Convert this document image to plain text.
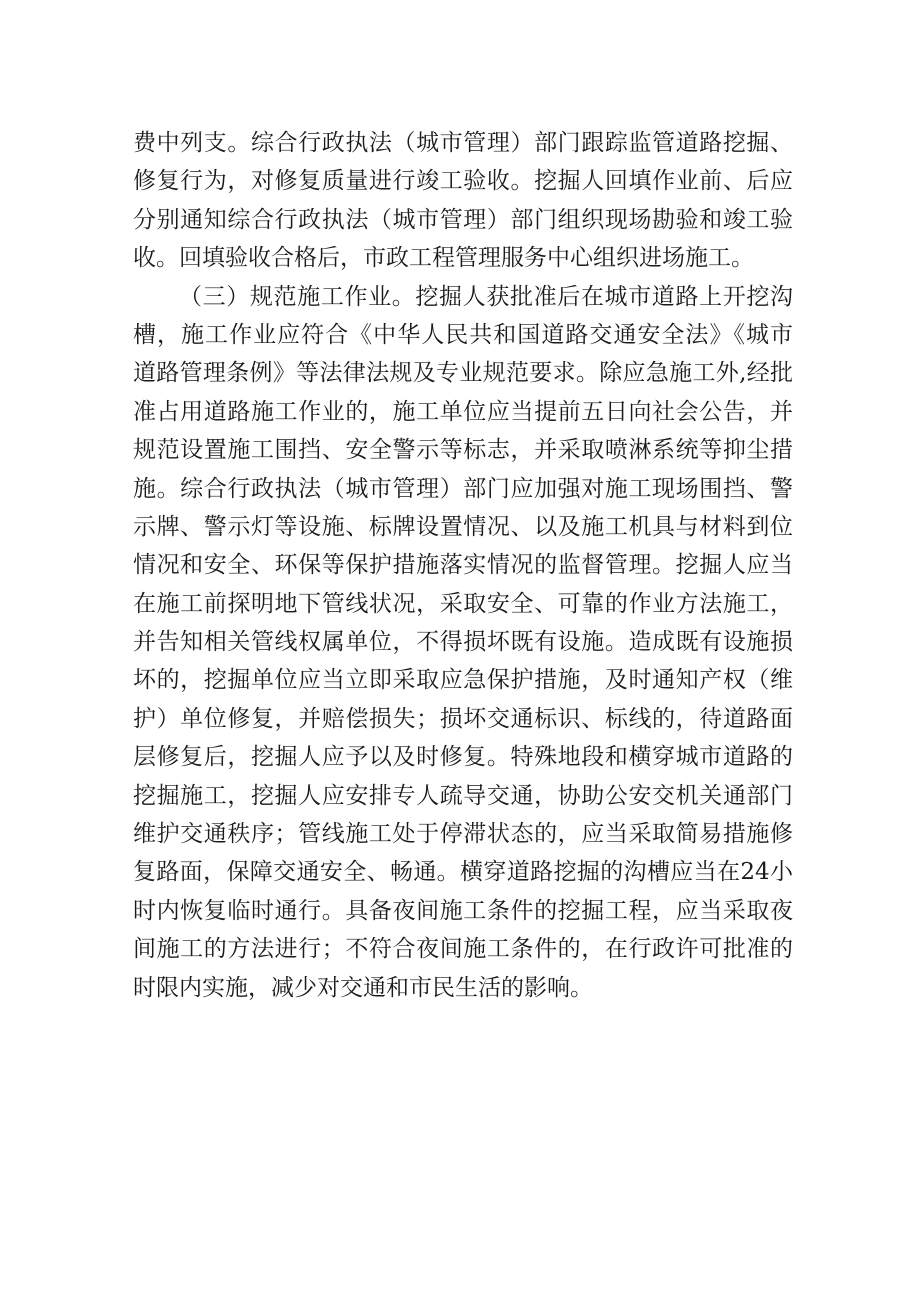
费中列支。综合行政执法（城市管理）部门跟踪监管道路挖掘、
修复行为，对修复质量进行竣工验收。挖掘人回填作业前、后应
分别通知综合行政执法（城市管理）部门组织现场勘验和竣工验
收。回填验收合格后，市政工程管理服务中心组织进场施工。
（三）规范施工作业。挖掘人获批准后在城市道路上开挖沟
槽，施工作业应符合《中华人民共和国道路交通安全法》《城市
道路管理条例》等法律法规及专业规范要求。除应急施工外,经批
准占用道路施工作业的，施工单位应当提前五日向社会公告，并
规范设置施工围挡、安全警示等标志，并采取喷淋系统等抑尘措
施。综合行政执法（城市管理）部门应加强对施工现场围挡、警
示牌、警示灯等设施、标牌设置情况、以及施工机具与材料到位
情况和安全、环保等保护措施落实情况的监督管理。挖掘人应当
在施工前探明地下管线状况，采取安全、可靠的作业方法施工，
并告知相关管线权属单位，不得损坏既有设施。造成既有设施损
坏的，挖掘单位应当立即采取应急保护措施，及时通知产权（维
护）单位修复，并赔偿损失；损坏交通标识、标线的，待道路面
层修复后，挖掘人应予以及时修复。特殊地段和横穿城市道路的
挖掘施工，挖掘人应安排专人疏导交通，协助公安交机关通部门
维护交通秩序；管线施工处于停滞状态的，应当采取简易措施修
复路面，保障交通安全、畅通。横穿道路挖掘的沟槽应当在24小
时内恢复临时通行。具备夜间施工条件的挖掘工程，应当采取夜
间施工的方法进行；不符合夜间施工条件的，在行政许可批准的
时限内实施，减少对交通和市民生活的影响。
